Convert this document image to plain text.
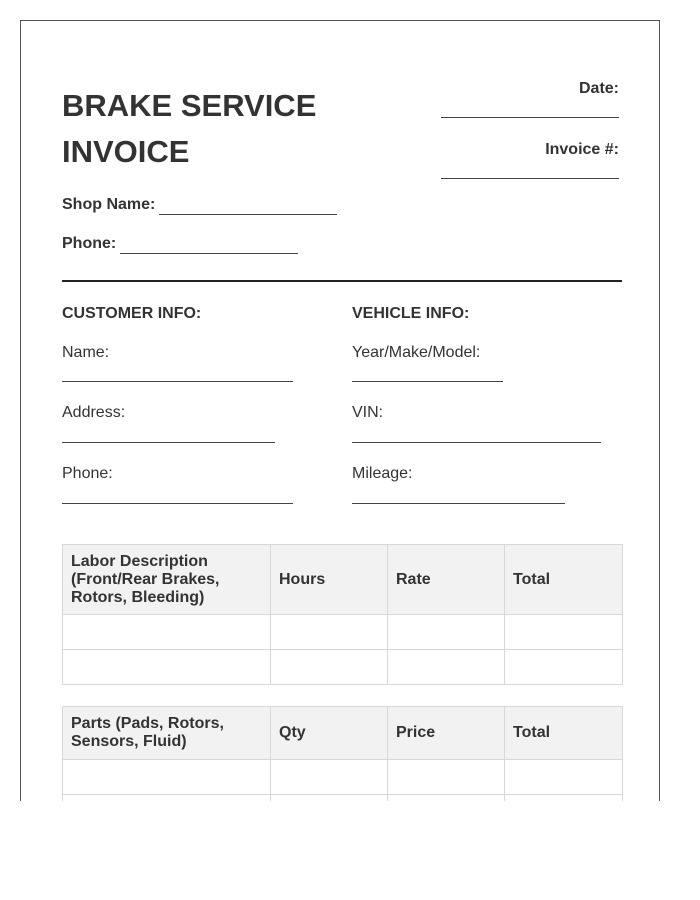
BRAKE SERVICE
INVOICE
Date:
Invoice #:
Shop Name:
Phone:
CUSTOMER INFO:	VEHICLE INFO:
Name:
Address:
Phone:
Year/Make/Model:
VIN:
Mileage:
Labor Description (Front/Rear Brakes, Rotors, Bleeding)	Hours	Rate	Total

Parts (Pads, Rotors, Sensors, Fluid)	Qty	Price	Total
